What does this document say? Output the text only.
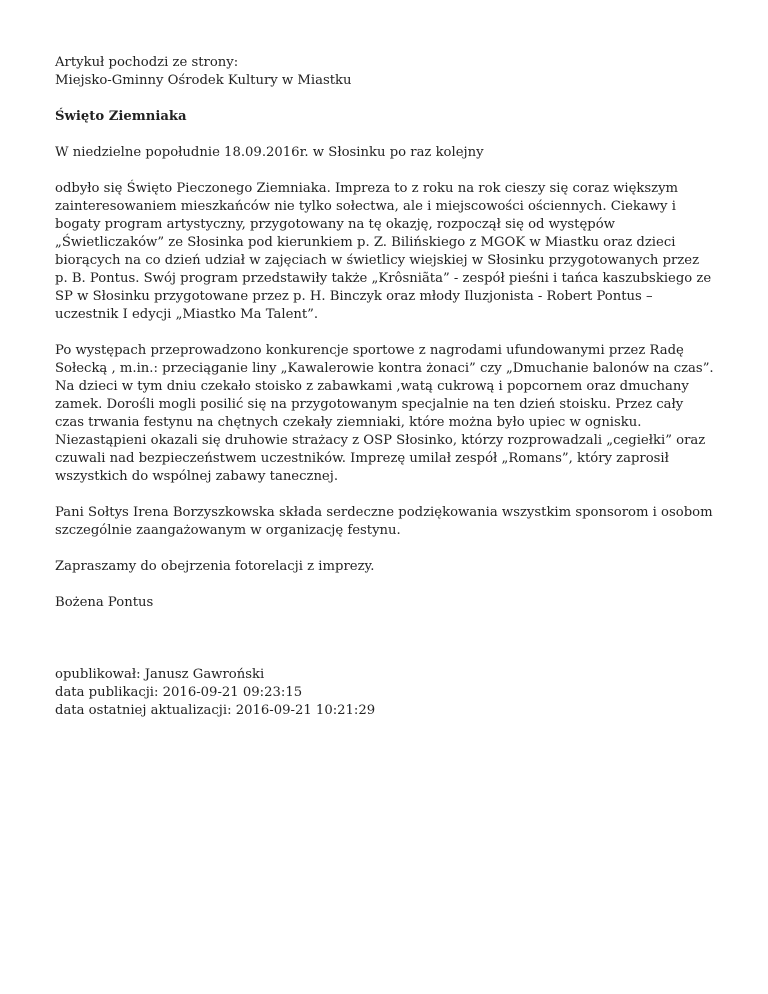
Artykuł pochodzi ze strony:

Miejsko-Gminny Ośrodek Kultury w Miastku

Święto Ziemniaka

W niedzielne popołudnie 18.09.2016r. w Słosinku po raz kolejny

odbyło się Święto Pieczonego Ziemniaka. Impreza to z roku na rok cieszy się coraz większym zainteresowaniem mieszkańców nie tylko sołectwa, ale i miejscowości ościennych. Ciekawy i bogaty program artystyczny, przygotowany na tę okazję, rozpoczął się od występów „Świetliczaków” ze Słosinka pod kierunkiem p. Z. Bilińskiego z MGOK w Miastku oraz dzieci biorących na co dzień udział w zajęciach w świetlicy wiejskiej w Słosinku przygotowanych przez p. B. Pontus. Swój program przedstawiły także „Krôsniãta” - zespół pieśni i tańca kaszubskiego ze SP w Słosinku przygotowane przez p. H. Binczyk oraz młody Iluzjonista - Robert Pontus –uczestnik I edycji „Miastko Ma Talent”.

Po występach przeprowadzono konkurencje sportowe z nagrodami ufundowanymi przez Radę Sołecką , m.in.: przeciąganie liny „Kawalerowie kontra żonaci” czy „Dmuchanie balonów na czas”. Na dzieci w tym dniu czekało stoisko z zabawkami ,watą cukrową i popcornem oraz dmuchany zamek. Dorośli mogli posilić się na przygotowanym specjalnie na ten dzień stoisku. Przez cały czas trwania festynu na chętnych czekały ziemniaki, które można było upiec w ognisku. Niezastąpieni okazali się druhowie strażacy z OSP Słosinko, którzy rozprowadzali „cegiełki” oraz czuwali nad bezpieczeństwem uczestników. Imprezę umilał zespół „Romans”, który zaprosił wszystkich do wspólnej zabawy tanecznej.

Pani Sołtys Irena Borzyszkowska składa serdeczne podziękowania wszystkim sponsorom i osobom szczególnie zaangażowanym w organizację festynu.

Zapraszamy do obejrzenia fotorelacji z imprezy.

Bożena Pontus

opublikował: Janusz Gawroński

data publikacji: 2016-09-21 09:23:15

data ostatniej aktualizacji: 2016-09-21 10:21:29
